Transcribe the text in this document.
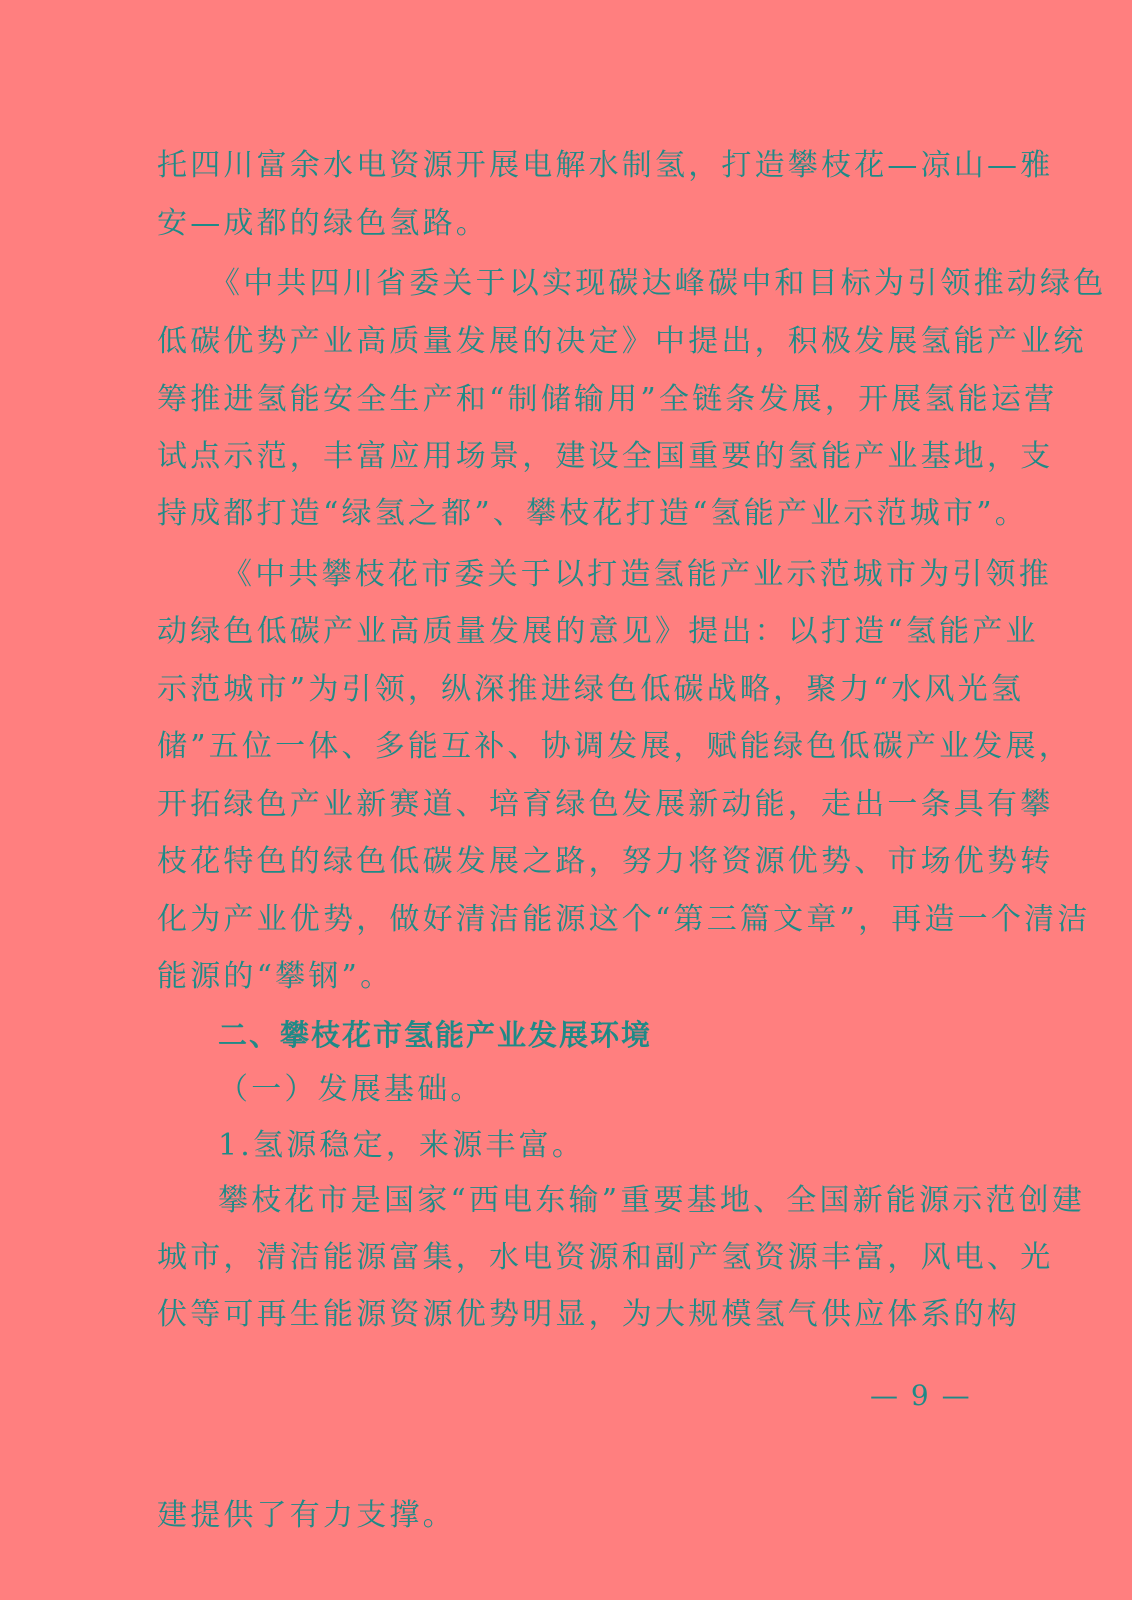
托四川富余水电资源开展电解水制氢，打造攀枝花—凉山—雅
安—成都的绿色氢路。
《中共四川省委关于以实现碳达峰碳中和目标为引领推动绿色
低碳优势产业高质量发展的决定》中提出，积极发展氢能产业统
筹推进氢能安全生产和“制储输用”全链条发展，开展氢能运营
试点示范，丰富应用场景，建设全国重要的氢能产业基地，支
持成都打造“绿氢之都”、攀枝花打造“氢能产业示范城市”。
《中共攀枝花市委关于以打造氢能产业示范城市为引领推
动绿色低碳产业高质量发展的意见》提出：以打造“氢能产业
示范城市”为引领，纵深推进绿色低碳战略，聚力“水风光氢
储”五位一体、多能互补、协调发展，赋能绿色低碳产业发展，
开拓绿色产业新赛道、培育绿色发展新动能，走出一条具有攀
枝花特色的绿色低碳发展之路，努力将资源优势、市场优势转
化为产业优势，做好清洁能源这个“第三篇文章”，再造一个清洁
能源的“攀钢”。
二、攀枝花市氢能产业发展环境
（一）发展基础。
1.氢源稳定，来源丰富。
攀枝花市是国家“西电东输”重要基地、全国新能源示范创建
城市，清洁能源富集，水电资源和副产氢资源丰富，风电、光
伏等可再生能源资源优势明显，为大规模氢气供应体系的构
— 9 —
建提供了有力支撑。
